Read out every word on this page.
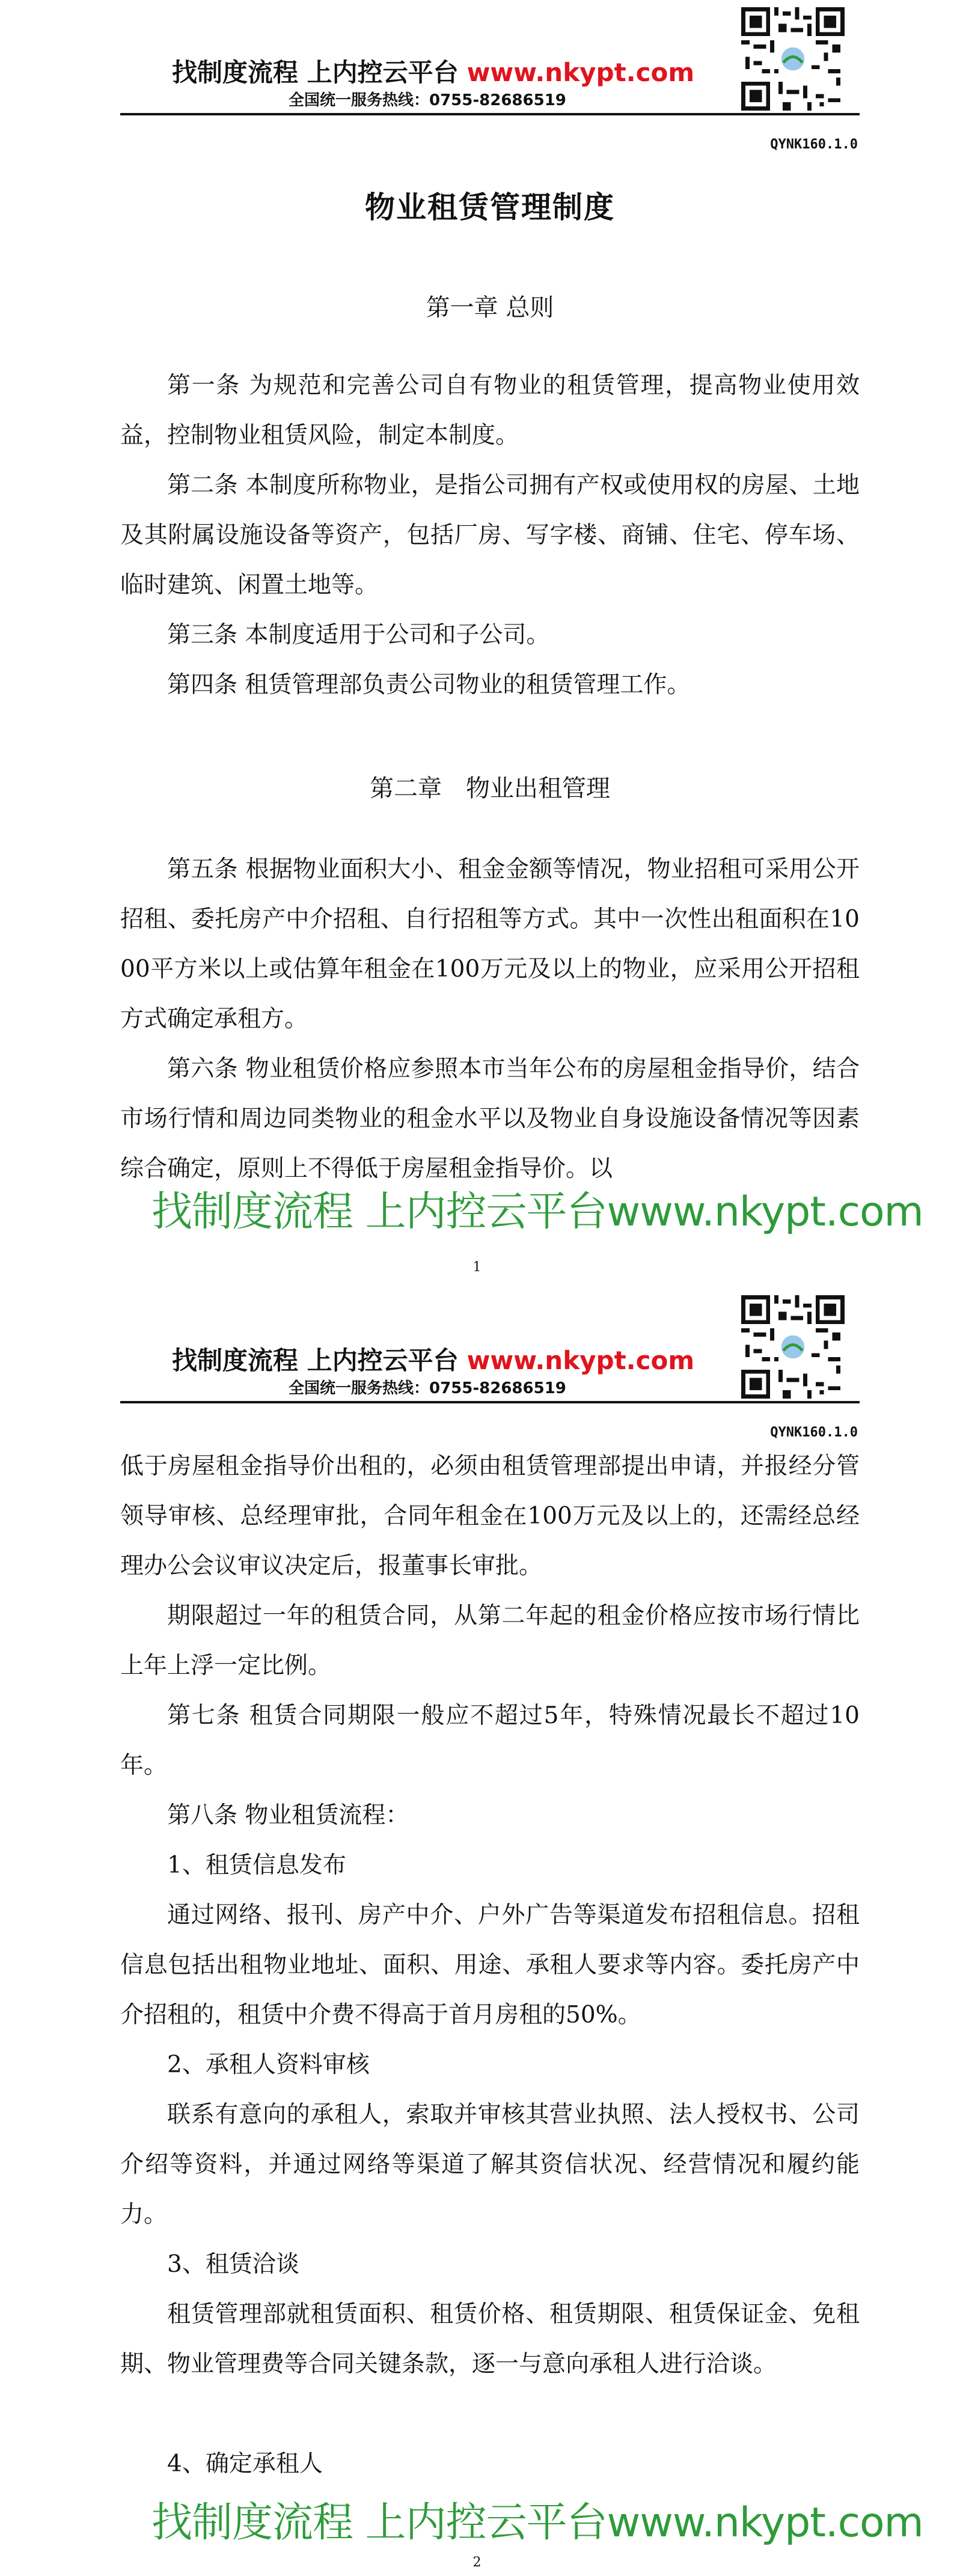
找制度流程 上内控云平台 www.nkypt.com
全国统一服务热线：0755-82686519
QYNK160.1.0
物业租赁管理制度
第一章 总则
第一条 为规范和完善公司自有物业的租赁管理，提高物业使用效益，控制物业租赁风险，制定本制度。
第二条 本制度所称物业，是指公司拥有产权或使用权的房屋、土地及其附属设施设备等资产，包括厂房、写字楼、商铺、住宅、停车场、临时建筑、闲置土地等。
第三条 本制度适用于公司和子公司。
第四条 租赁管理部负责公司物业的租赁管理工作。
第二章　物业出租管理
第五条 根据物业面积大小、租金金额等情况，物业招租可采用公开招租、委托房产中介招租、自行招租等方式。其中一次性出租面积在1000平方米以上或估算年租金在100万元及以上的物业，应采用公开招租方式确定承租方。
第六条 物业租赁价格应参照本市当年公布的房屋租金指导价，结合市场行情和周边同类物业的租金水平以及物业自身设施设备情况等因素综合确定，原则上不得低于房屋租金指导价。以
找制度流程 上内控云平台www.nkypt.com
1
找制度流程 上内控云平台 www.nkypt.com
全国统一服务热线：0755-82686519
QYNK160.1.0
低于房屋租金指导价出租的，必须由租赁管理部提出申请，并报经分管领导审核、总经理审批，合同年租金在100万元及以上的，还需经总经理办公会议审议决定后，报董事长审批。
期限超过一年的租赁合同，从第二年起的租金价格应按市场行情比上年上浮一定比例。
第七条 租赁合同期限一般应不超过5年，特殊情况最长不超过10年。
第八条 物业租赁流程：
1、租赁信息发布
通过网络、报刊、房产中介、户外广告等渠道发布招租信息。招租信息包括出租物业地址、面积、用途、承租人要求等内容。委托房产中介招租的，租赁中介费不得高于首月房租的50%。
2、承租人资料审核
联系有意向的承租人，索取并审核其营业执照、法人授权书、公司介绍等资料，并通过网络等渠道了解其资信状况、经营情况和履约能力。
3、租赁洽谈
租赁管理部就租赁面积、租赁价格、租赁期限、租赁保证金、免租期、物业管理费等合同关键条款，逐一与意向承租人进行洽谈。
4、确定承租人
找制度流程 上内控云平台www.nkypt.com
2
